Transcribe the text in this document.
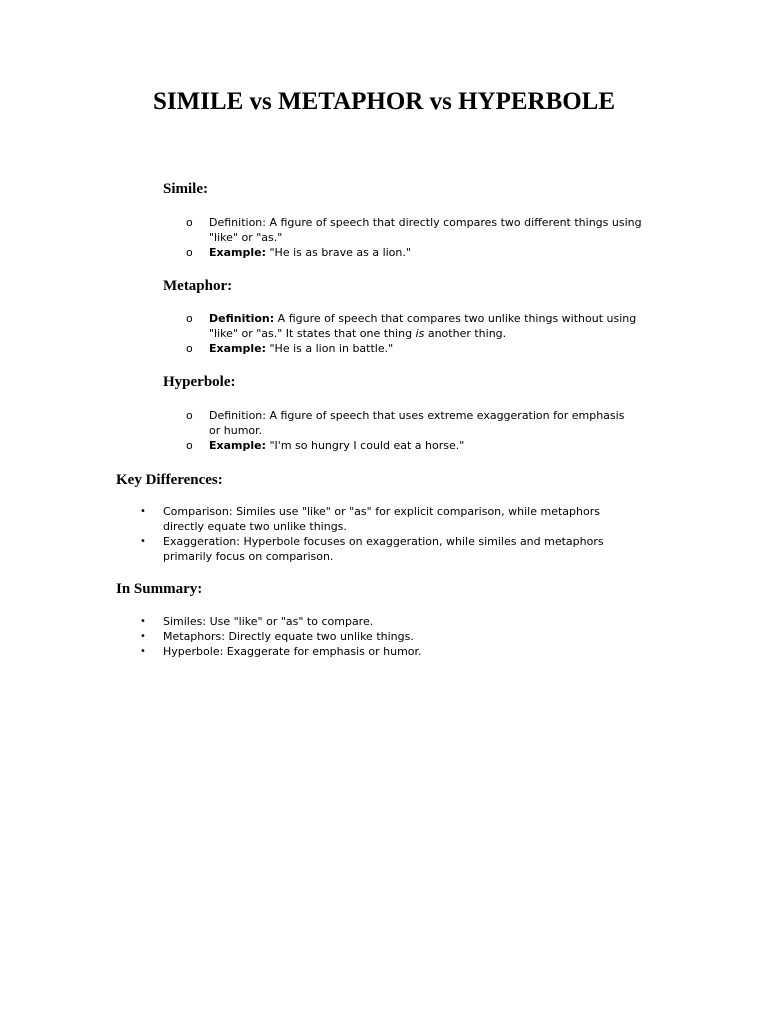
SIMILE vs METAPHOR vs HYPERBOLE
Simile:
o Definition: A figure of speech that directly compares two different things using "like" or "as."
o Example: "He is as brave as a lion."
Metaphor:
o Definition: A figure of speech that compares two unlike things without using "like" or "as." It states that one thing is another thing.
o Example: "He is a lion in battle."
Hyperbole:
o Definition: A figure of speech that uses extreme exaggeration for emphasis or humor.
o Example: "I'm so hungry I could eat a horse."
Key Differences:
• Comparison: Similes use "like" or "as" for explicit comparison, while metaphors directly equate two unlike things.
• Exaggeration: Hyperbole focuses on exaggeration, while similes and metaphors primarily focus on comparison.
In Summary:
• Similes: Use "like" or "as" to compare.
• Metaphors: Directly equate two unlike things.
• Hyperbole: Exaggerate for emphasis or humor.
